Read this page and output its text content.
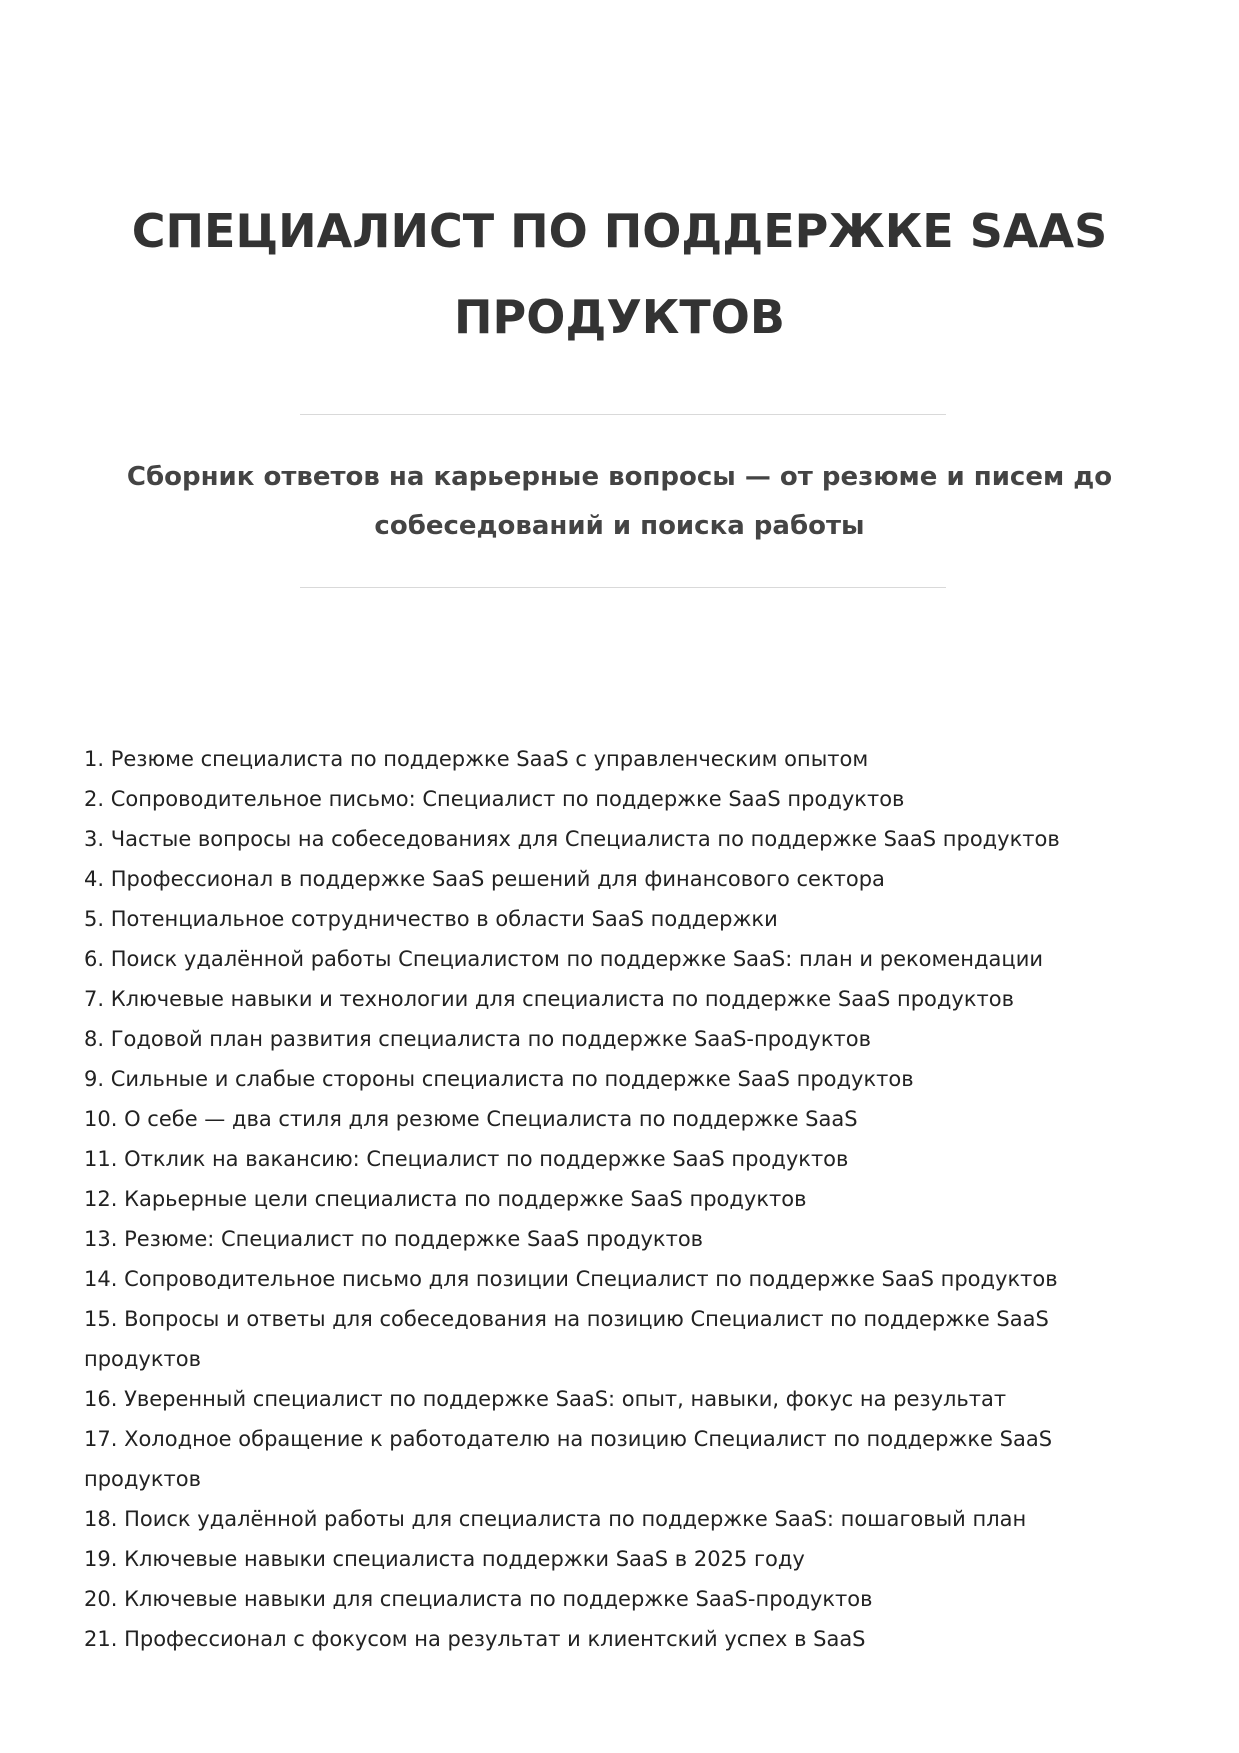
СПЕЦИАЛИСТ ПО ПОДДЕРЖКЕ SAAS ПРОДУКТОВ

Сборник ответов на карьерные вопросы — от резюме и писем до собеседований и поиска работы

1. Резюме специалиста по поддержке SaaS с управленческим опытом
2. Сопроводительное письмо: Специалист по поддержке SaaS продуктов
3. Частые вопросы на собеседованиях для Специалиста по поддержке SaaS продуктов
4. Профессионал в поддержке SaaS решений для финансового сектора
5. Потенциальное сотрудничество в области SaaS поддержки
6. Поиск удалённой работы Специалистом по поддержке SaaS: план и рекомендации
7. Ключевые навыки и технологии для специалиста по поддержке SaaS продуктов
8. Годовой план развития специалиста по поддержке SaaS-продуктов
9. Сильные и слабые стороны специалиста по поддержке SaaS продуктов
10. О себе — два стиля для резюме Специалиста по поддержке SaaS
11. Отклик на вакансию: Специалист по поддержке SaaS продуктов
12. Карьерные цели специалиста по поддержке SaaS продуктов
13. Резюме: Специалист по поддержке SaaS продуктов
14. Сопроводительное письмо для позиции Специалист по поддержке SaaS продуктов
15. Вопросы и ответы для собеседования на позицию Специалист по поддержке SaaS продуктов
16. Уверенный специалист по поддержке SaaS: опыт, навыки, фокус на результат
17. Холодное обращение к работодателю на позицию Специалист по поддержке SaaS продуктов
18. Поиск удалённой работы для специалиста по поддержке SaaS: пошаговый план
19. Ключевые навыки специалиста поддержки SaaS в 2025 году
20. Ключевые навыки для специалиста по поддержке SaaS-продуктов
21. Профессионал с фокусом на результат и клиентский успех в SaaS
